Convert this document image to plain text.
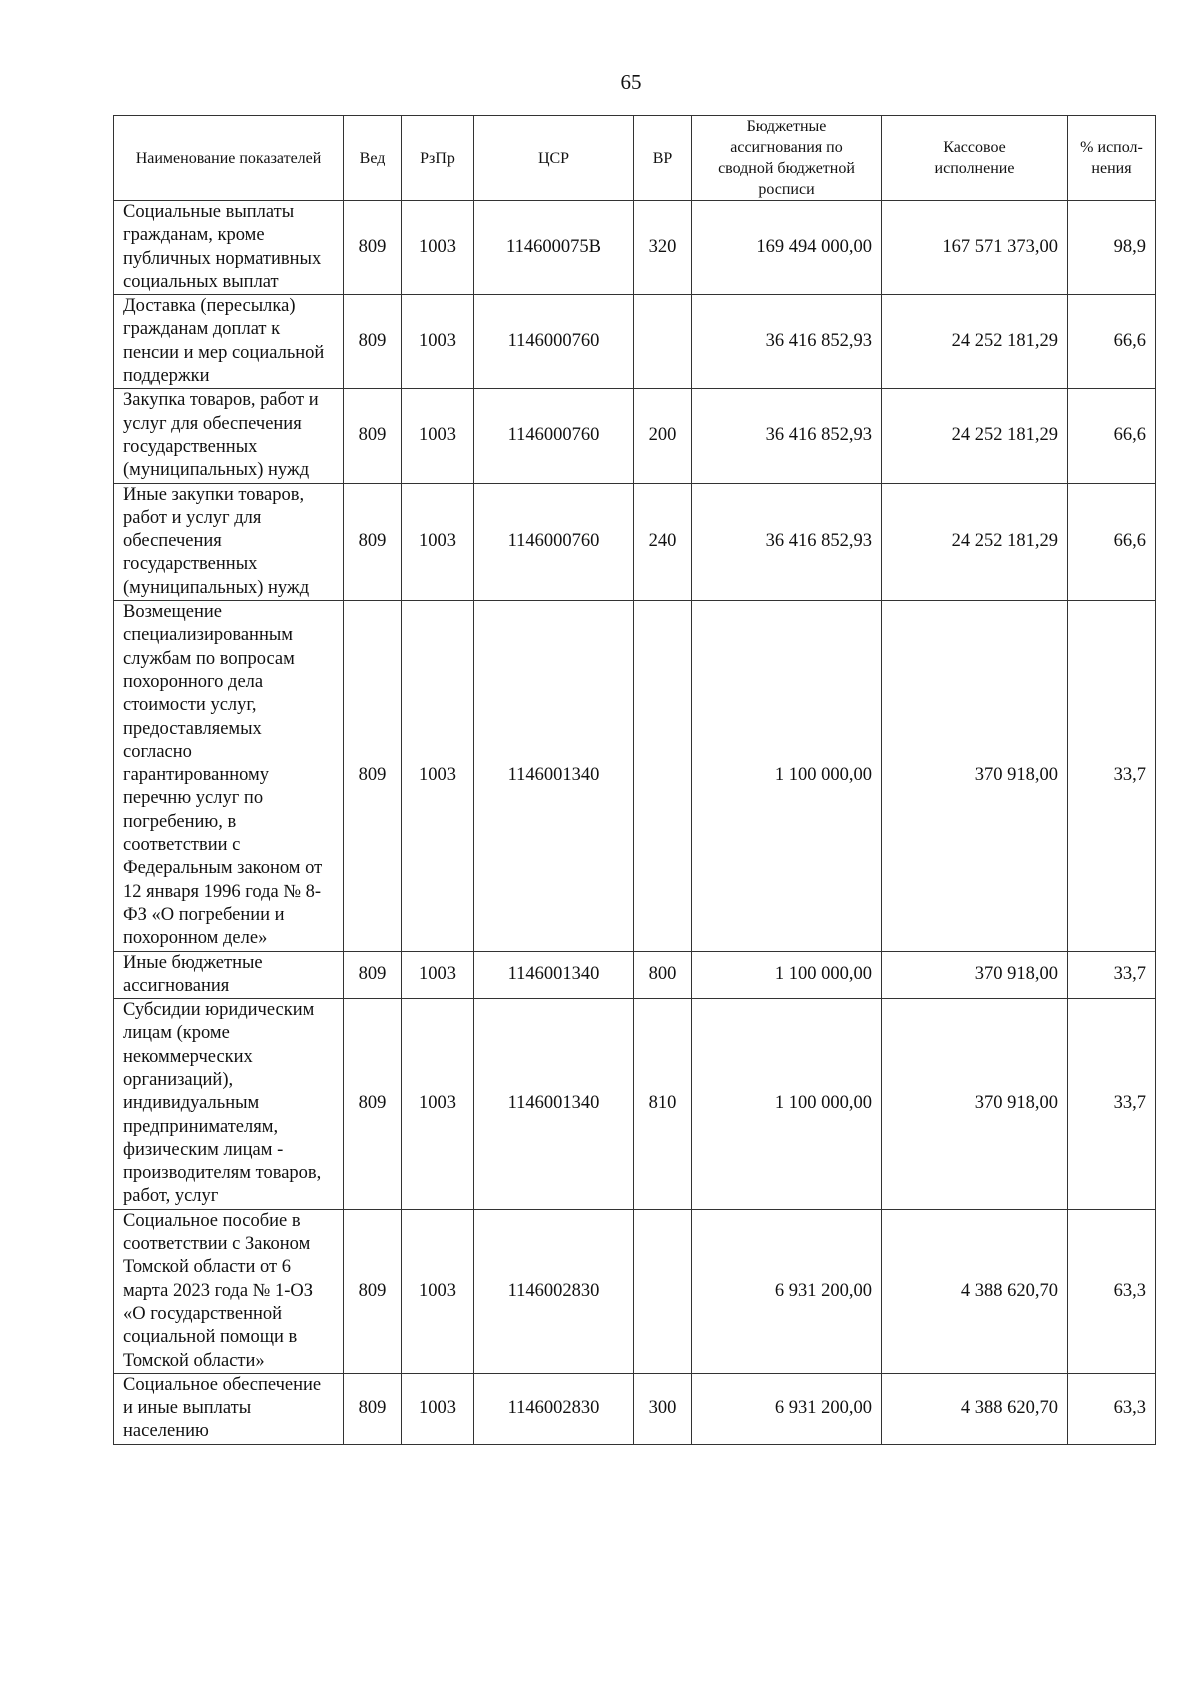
65
Наименование показателей	Вед	РзПр	ЦСР	ВР	Бюджетные ассигнования по сводной бюджетной росписи	Кассовое исполнение	% испол-нения
Социальные выплаты гражданам, кроме публичных нормативных социальных выплат	809	1003	114600075В	320	169 494 000,00	167 571 373,00	98,9
Доставка (пересылка) гражданам доплат к пенсии и мер социальной поддержки	809	1003	1146000760		36 416 852,93	24 252 181,29	66,6
Закупка товаров, работ и услуг для обеспечения государственных (муниципальных) нужд	809	1003	1146000760	200	36 416 852,93	24 252 181,29	66,6
Иные закупки товаров, работ и услуг для обеспечения государственных (муниципальных) нужд	809	1003	1146000760	240	36 416 852,93	24 252 181,29	66,6
Возмещение специализированным службам по вопросам похоронного дела стоимости услуг, предоставляемых согласно гарантированному перечню услуг по погребению, в соответствии с Федеральным законом от 12 января 1996 года № 8-ФЗ «О погребении и похоронном деле»	809	1003	1146001340		1 100 000,00	370 918,00	33,7
Иные бюджетные ассигнования	809	1003	1146001340	800	1 100 000,00	370 918,00	33,7
Субсидии юридическим лицам (кроме некоммерческих организаций), индивидуальным предпринимателям, физическим лицам - производителям товаров, работ, услуг	809	1003	1146001340	810	1 100 000,00	370 918,00	33,7
Социальное пособие в соответствии с Законом Томской области от 6 марта 2023 года № 1-ОЗ «О государственной социальной помощи в Томской области»	809	1003	1146002830		6 931 200,00	4 388 620,70	63,3
Социальное обеспечение и иные выплаты населению	809	1003	1146002830	300	6 931 200,00	4 388 620,70	63,3
